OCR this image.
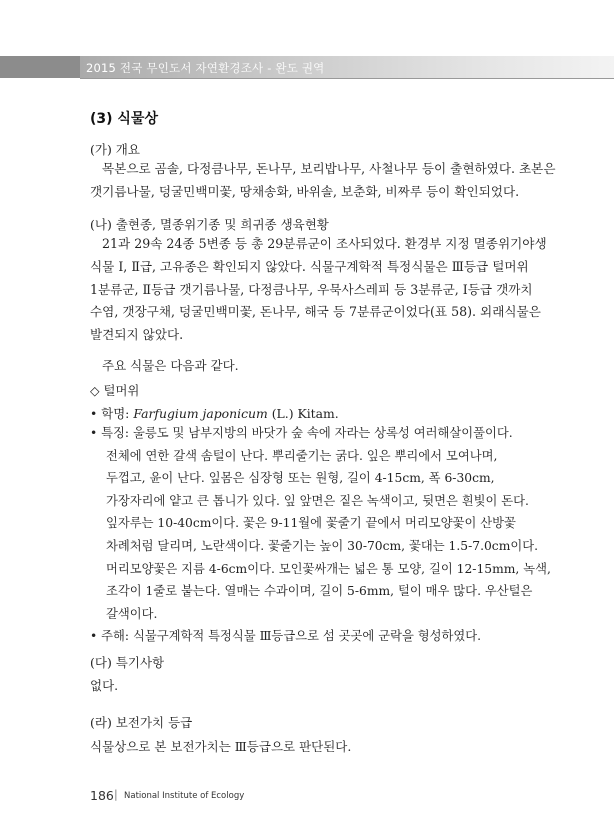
2015 전국 무인도서 자연환경조사 - 완도 권역
(3) 식물상
(가) 개요
목본으로 곰솔, 다정큼나무, 돈나무, 보리밥나무, 사철나무 등이 출현하였다. 초본은
갯기름나물, 덩굴민백미꽃, 땅채송화, 바위솔, 보춘화, 비짜루 등이 확인되었다.
(나) 출현종, 멸종위기종 및 희귀종 생육현황
21과 29속 24종 5변종 등 총 29분류군이 조사되었다. 환경부 지정 멸종위기야생
식물 Ⅰ, Ⅱ급, 고유종은 확인되지 않았다. 식물구계학적 특정식물은 Ⅲ등급 털머위
1분류군, Ⅱ등급 갯기름나물, 다정큼나무, 우묵사스레피 등 3분류군, Ⅰ등급 갯까치
수염, 갯장구채, 덩굴민백미꽃, 돈나무, 해국 등 7분류군이었다(표 58). 외래식물은
발견되지 않았다.
주요 식물은 다음과 같다.
◇ 털머위
• 학명: Farfugium japonicum (L.) Kitam.
• 특징: 울릉도 및 남부지방의 바닷가 숲 속에 자라는 상록성 여러해살이풀이다.
전체에 연한 갈색 솜털이 난다. 뿌리줄기는 굵다. 잎은 뿌리에서 모여나며,
두껍고, 윤이 난다. 잎몸은 심장형 또는 원형, 길이 4-15cm, 폭 6-30cm,
가장자리에 얕고 큰 톱니가 있다. 잎 앞면은 짙은 녹색이고, 뒷면은 흰빛이 돈다.
잎자루는 10-40cm이다. 꽃은 9-11월에 꽃줄기 끝에서 머리모양꽃이 산방꽃
차례처럼 달리며, 노란색이다. 꽃줄기는 높이 30-70cm, 꽃대는 1.5-7.0cm이다.
머리모양꽃은 지름 4-6cm이다. 모인꽃싸개는 넓은 통 모양, 길이 12-15mm, 녹색,
조각이 1줄로 붙는다. 열매는 수과이며, 길이 5-6mm, 털이 매우 많다. 우산털은
갈색이다.
• 주해: 식물구계학적 특정식물 Ⅲ등급으로 섬 곳곳에 군락을 형성하였다.
(다) 특기사항
없다.
(라) 보전가치 등급
식물상으로 본 보전가치는 Ⅲ등급으로 판단된다.
186 | National Institute of Ecology
